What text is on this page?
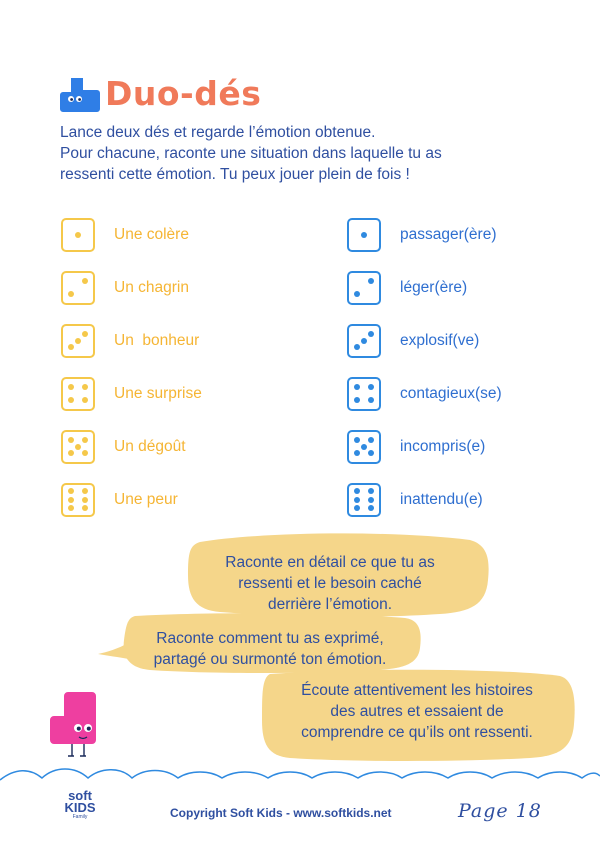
Duo-dés

Lance deux dés et regarde l’émotion obtenue.

Pour chacune, raconte une situation dans laquelle tu as

ressenti cette émotion. Tu peux jouer plein de fois !

Une colère
Un chagrin
Un  bonheur
Une surprise
Un dégoût
Une peur
passager(ère)
léger(ère)
explosif(ve)
contagieux(se)
incompris(e)
inattendu(e)
Raconte en détail ce que tu as
ressenti et le besoin caché
derrière l’émotion.
Raconte comment tu as exprimé,
partagé ou surmonté ton émotion.
Écoute attentivement les histoires
des autres et essaient de
comprendre ce qu’ils ont ressenti.
soft
KIDS
Family	Copyright Soft Kids - www.softkids.net	Page 18
